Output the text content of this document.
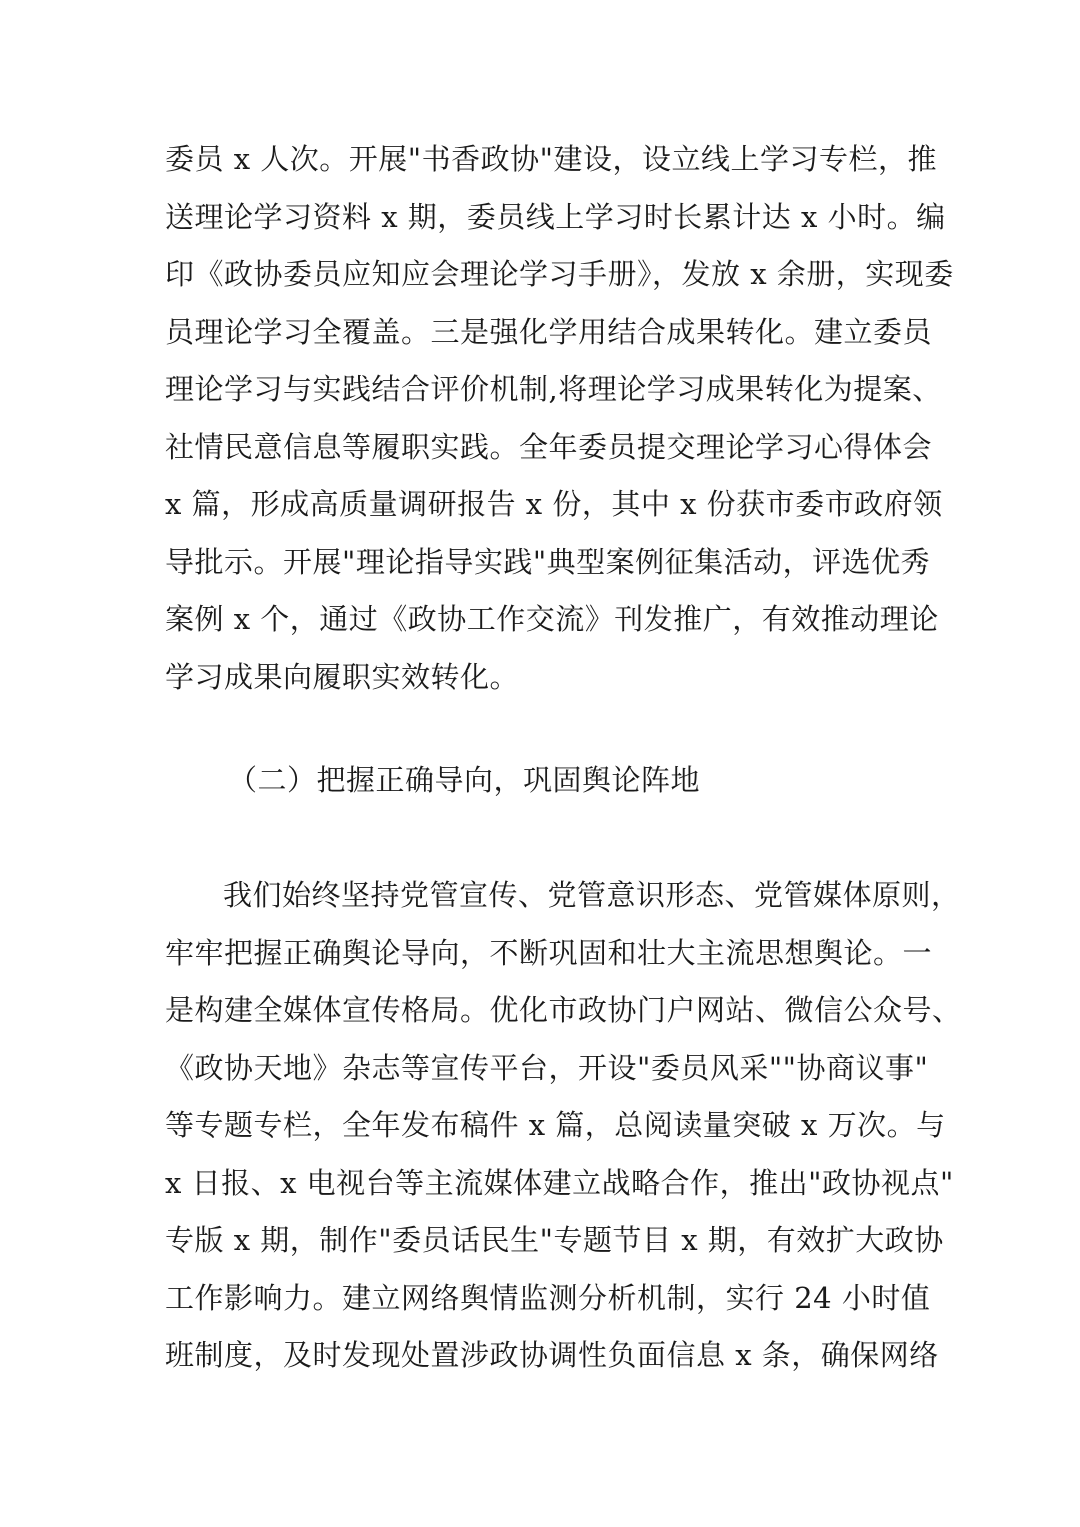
委员 x 人次。开展"书香政协"建设，设立线上学习专栏，推
送理论学习资料 x 期，委员线上学习时长累计达 x 小时。编
印《政协委员应知应会理论学习手册》，发放 x 余册，实现委
员理论学习全覆盖。三是强化学用结合成果转化。建立委员
理论学习与实践结合评价机制,将理论学习成果转化为提案、
社情民意信息等履职实践。全年委员提交理论学习心得体会
x 篇，形成高质量调研报告 x 份，其中 x 份获市委市政府领
导批示。开展"理论指导实践"典型案例征集活动，评选优秀
案例 x 个，通过《政协工作交流》刊发推广，有效推动理论
学习成果向履职实效转化。
（二）把握正确导向，巩固舆论阵地
我们始终坚持党管宣传、党管意识形态、党管媒体原则，
牢牢把握正确舆论导向，不断巩固和壮大主流思想舆论。一
是构建全媒体宣传格局。优化市政协门户网站、微信公众号、
《政协天地》杂志等宣传平台，开设"委员风采""协商议事"
等专题专栏，全年发布稿件 x 篇，总阅读量突破 x 万次。与
x 日报、x 电视台等主流媒体建立战略合作，推出"政协视点"
专版 x 期，制作"委员话民生"专题节目 x 期，有效扩大政协
工作影响力。建立网络舆情监测分析机制，实行 24 小时值
班制度，及时发现处置涉政协调性负面信息 x 条，确保网络
